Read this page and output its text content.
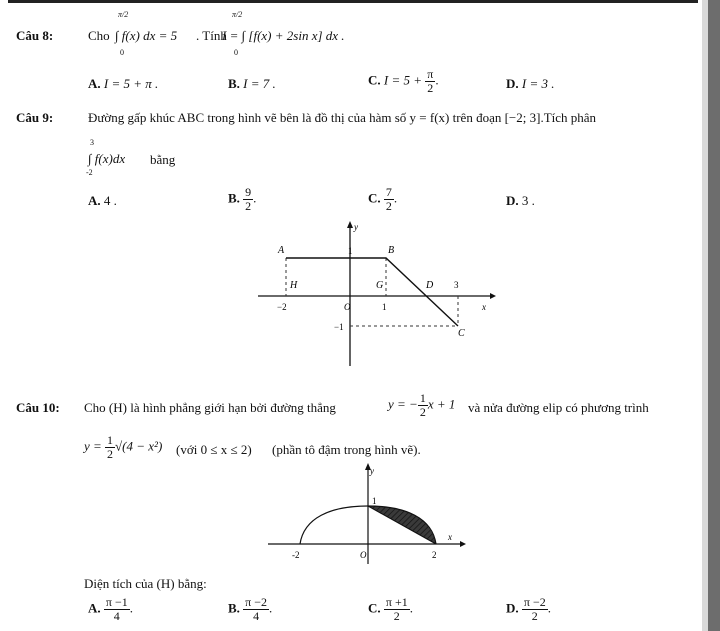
Câu 8:	Cho
π/2
0
∫ f(x) dx = 5 . Tính
π/2
0
I = ∫ [f(x) + 2sin x] dx .
A. I = 5 + π .	B. I = 7 .	C. $I = 5 + \frac{\pi}{2}$ .	D. I = 3 .
Câu 9:	Đường gấp khúc ABC trong hình vẽ bên là đồ thị của hàm số y = f(x) trên đoạn [−2; 3].Tích phân
3
-2
∫ f(x)dx bằng
A. 4 .	B. $\frac{9}{2}$ .	C. $\frac{7}{2}$ .	D. 3 .
y
x
A	B
H	G	D
C
O
1
−2	1
3
−1
Câu 10: Cho (H) là hình phẳng giới hạn bởi đường thẳng	y = − $\frac{1}{2}$ x + 1 và nửa đường elip có phương trình
$y = \frac{1}{2} √(4 - x^2)$ (với 0 ≤ x ≤ 2) (phần tô đậm trong hình vẽ).
y
x
1
-2	2
O
Diện tích của (H) bằng:
A. $\frac{\pi -1}{4}$ .	B. $\frac{\pi -2}{4}$ .	C. $\frac{\pi +1}{2}$ .	D. $\frac{\pi -2}{2}$ .
